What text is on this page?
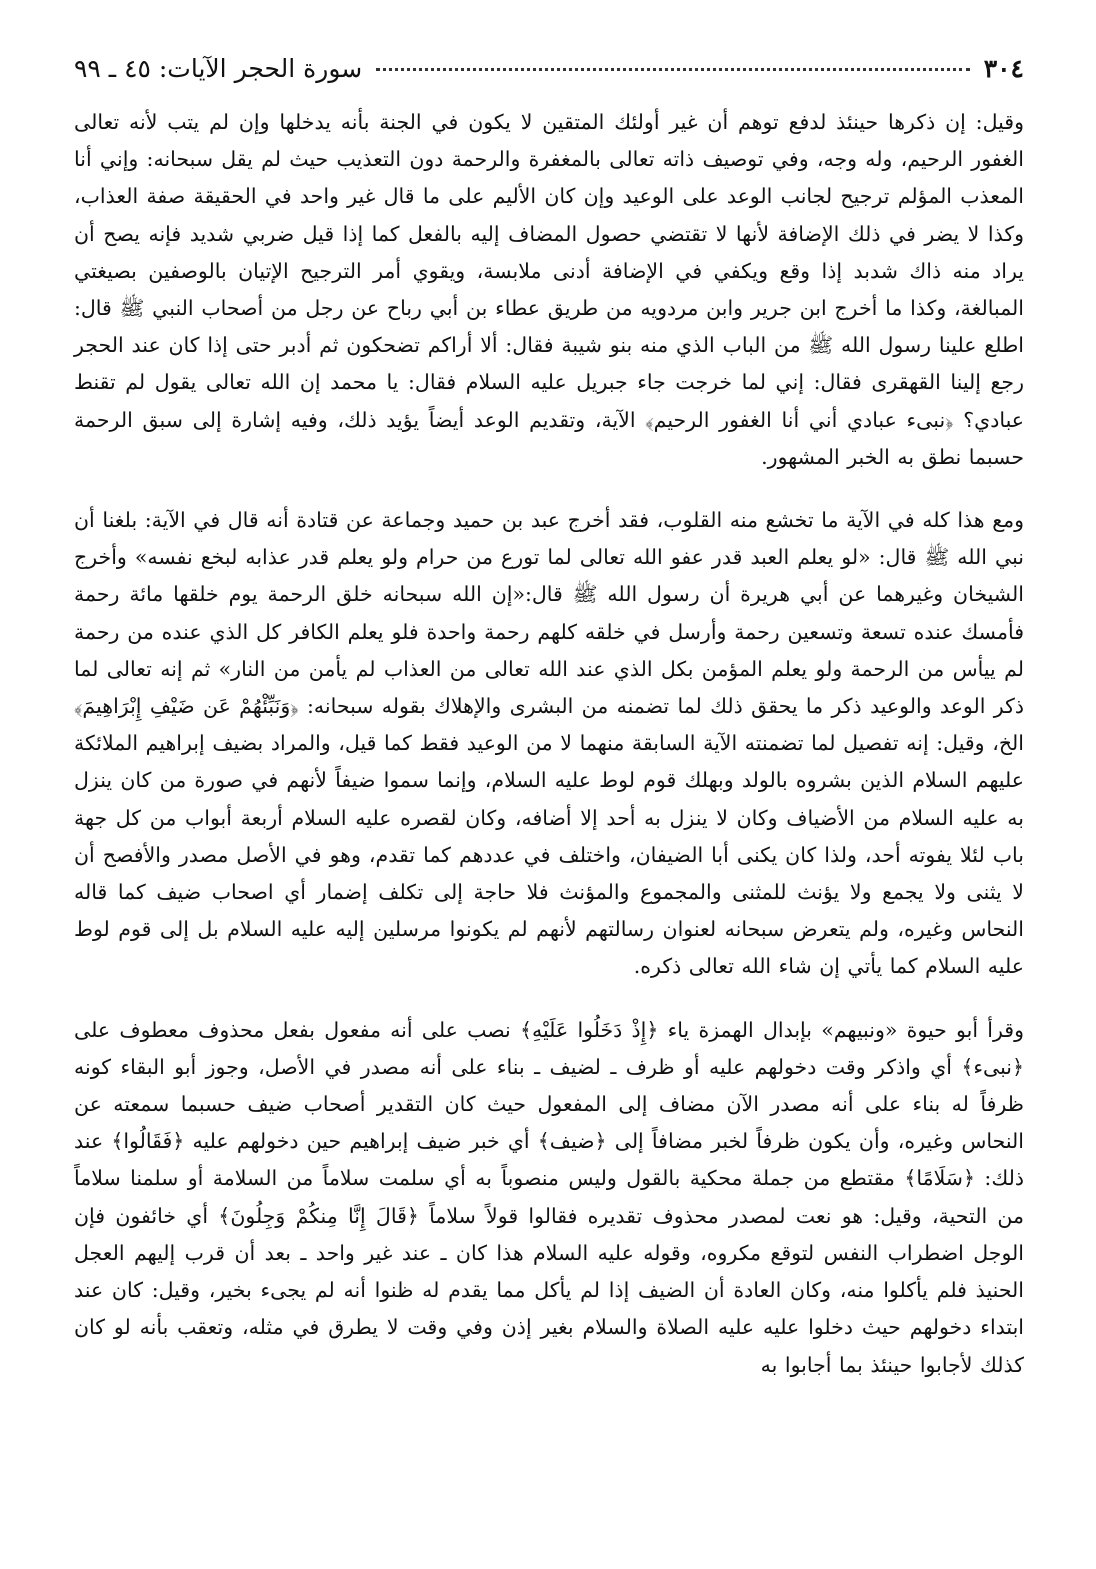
٣٠٤
سورة الحجر الآيات: ٤٥ ـ ٩٩

وقيل: إن ذكرها حينئذ لدفع توهم أن غير أولئك المتقين لا يكون في الجنة بأنه يدخلها وإن لم يتب لأنه تعالى الغفور الرحيم، وله وجه، وفي توصيف ذاته تعالى بالمغفرة والرحمة دون التعذيب حيث لم يقل سبحانه: وإني أنا المعذب المؤلم ترجيح لجانب الوعد على الوعيد وإن كان الأليم على ما قال غير واحد في الحقيقة صفة العذاب، وكذا لا يضر في ذلك الإضافة لأنها لا تقتضي حصول المضاف إليه بالفعل كما إذا قيل ضربي شديد فإنه يصح أن يراد منه ذاك شدبد إذا وقع ويكفي في الإضافة أدنى ملابسة، ويقوي أمر الترجيح الإتيان بالوصفين بصيغتي المبالغة، وكذا ما أخرج ابن جرير وابن مردويه من طريق عطاء بن أبي رباح عن رجل من أصحاب النبي ﷺ قال: اطلع علينا رسول الله ﷺ من الباب الذي منه بنو شيبة فقال: ألا أراكم تضحكون ثم أدبر حتى إذا كان عند الحجر رجع إلينا القهقرى فقال: إني لما خرجت جاء جبريل عليه السلام فقال: يا محمد إن الله تعالى يقول لم تقنط عبادي؟ ﴿نبىء عبادي أني أنا الغفور الرحيم﴾ الآية، وتقديم الوعد أيضاً يؤيد ذلك، وفيه إشارة إلى سبق الرحمة حسبما نطق به الخبر المشهور.

ومع هذا كله في الآية ما تخشع منه القلوب، فقد أخرج عبد بن حميد وجماعة عن قتادة أنه قال في الآية: بلغنا أن نبي الله ﷺ قال: «لو يعلم العبد قدر عفو الله تعالى لما تورع من حرام ولو يعلم قدر عذابه لبخع نفسه» وأخرج الشيخان وغيرهما عن أبي هريرة أن رسول الله ﷺ قال:«إن الله سبحانه خلق الرحمة يوم خلقها مائة رحمة فأمسك عنده تسعة وتسعين رحمة وأرسل في خلقه كلهم رحمة واحدة فلو يعلم الكافر كل الذي عنده من رحمة لم ييأس من الرحمة ولو يعلم المؤمن بكل الذي عند الله تعالى من العذاب لم يأمن من النار» ثم إنه تعالى لما ذكر الوعد والوعيد ذكر ما يحقق ذلك لما تضمنه من البشرى والإهلاك بقوله سبحانه: ﴿وَنَبِّئْهُمْ عَن ضَيْفِ إِبْرَاهِيمَ﴾ الخ، وقيل: إنه تفصيل لما تضمنته الآية السابقة منهما لا من الوعيد فقط كما قيل، والمراد بضيف إبراهيم الملائكة عليهم السلام الذين بشروه بالولد وبهلك قوم لوط عليه السلام، وإنما سموا ضيفاً لأنهم في صورة من كان ينزل به عليه السلام من الأضياف وكان لا ينزل به أحد إلا أضافه، وكان لقصره عليه السلام أربعة أبواب من كل جهة باب لئلا يفوته أحد، ولذا كان يكنى أبا الضيفان، واختلف في عددهم كما تقدم، وهو في الأصل مصدر والأفصح أن لا يثنى ولا يجمع ولا يؤنث للمثنى والمجموع والمؤنث فلا حاجة إلى تكلف إضمار أي اصحاب ضيف كما قاله النحاس وغيره، ولم يتعرض سبحانه لعنوان رسالتهم لأنهم لم يكونوا مرسلين إليه عليه السلام بل إلى قوم لوط عليه السلام كما يأتي إن شاء الله تعالى ذكره.

وقرأ أبو حيوة «ونبيهم» بإبدال الهمزة ياء ﴿إِذْ دَخَلُوا عَلَيْهِ﴾ نصب على أنه مفعول بفعل محذوف معطوف على ﴿نبىء﴾ أي واذكر وقت دخولهم عليه أو ظرف ـ لضيف ـ بناء على أنه مصدر في الأصل، وجوز أبو البقاء كونه ظرفاً له بناء على أنه مصدر الآن مضاف إلى المفعول حيث كان التقدير أصحاب ضيف حسبما سمعته عن النحاس وغيره، وأن يكون ظرفاً لخبر مضافاً إلى ﴿ضيف﴾ أي خبر ضيف إبراهيم حين دخولهم عليه ﴿فَقَالُوا﴾ عند ذلك: ﴿سَلَامًا﴾ مقتطع من جملة محكية بالقول وليس منصوباً به أي سلمت سلاماً من السلامة أو سلمنا سلاماً من التحية، وقيل: هو نعت لمصدر محذوف تقديره فقالوا قولاً سلاماً ﴿قَالَ إِنَّا مِنكُمْ وَجِلُونَ﴾ أي خائفون فإن الوجل اضطراب النفس لتوقع مكروه، وقوله عليه السلام هذا كان ـ عند غير واحد ـ بعد أن قرب إليهم العجل الحنيذ فلم يأكلوا منه، وكان العادة أن الضيف إذا لم يأكل مما يقدم له ظنوا أنه لم يجىء بخير، وقيل: كان عند ابتداء دخولهم حيث دخلوا عليه عليه الصلاة والسلام بغير إذن وفي وقت لا يطرق في مثله، وتعقب بأنه لو كان كذلك لأجابوا حينئذ بما أجابوا به
